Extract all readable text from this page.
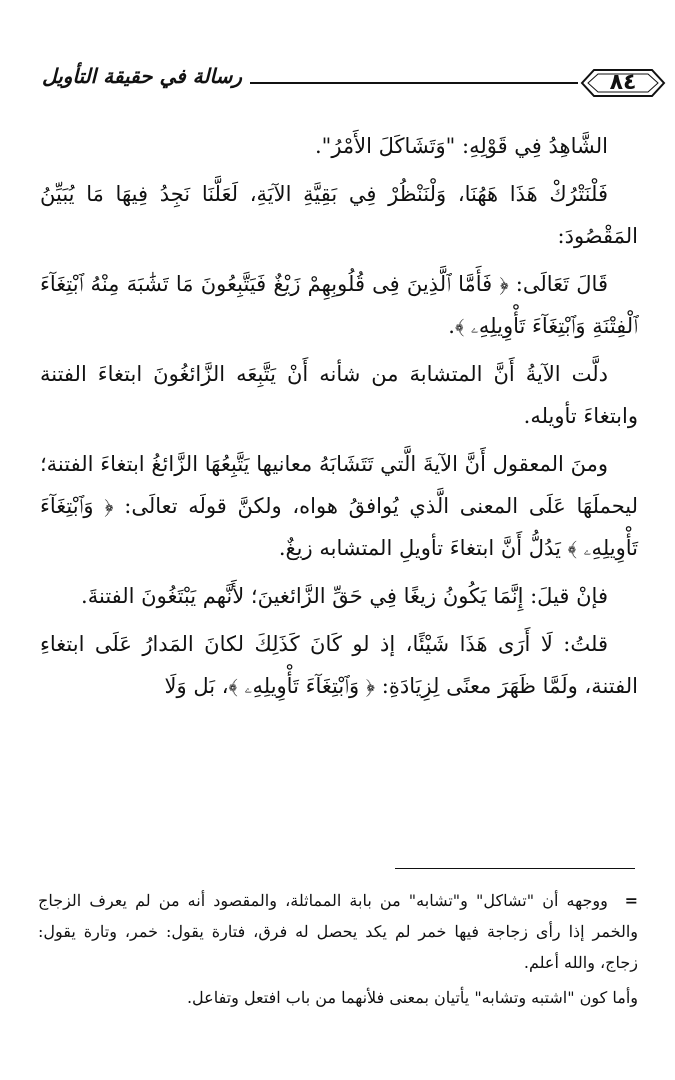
رسالة في حقيقة التأويل	٨٤

الشَّاهِدُ فِي قَوْلِهِ: "وَتَشَاكَلَ الأَمْرُ".

فَلْنَتْرُكْ هَذَا هَهُنَا، وَلْنَنْظُرْ فِي بَقِيَّةِ الآيَةِ، لَعَلَّنَا نَجِدُ فِيهَا مَا يُبَيِّنُ المَقْصُودَ:

قَالَ تَعَالَى: ﴿ فَأَمَّا ٱلَّذِينَ فِى قُلُوبِهِمْ زَيْغٌ فَيَتَّبِعُونَ مَا تَشَٰبَهَ مِنْهُ ٱبْتِغَآءَ ٱلْفِتْنَةِ وَٱبْتِغَآءَ تَأْوِيلِهِۦ ﴾.

دلَّت الآيةُ أَنَّ المتشابهَ من شأنه أَنْ يَتَّبِعَه الزَّائغُونَ ابتغاءَ الفتنة وابتغاءَ تأويله.

ومنَ المعقول أَنَّ الآيةَ الَّتي تَتَشَابَهُ معانيها يَتَّبِعُهَا الزَّائغُ ابتغاءَ الفتنة؛ ليحملَهَا عَلَى المعنى الَّذي يُوافقُ هواه، ولكنَّ قولَه تعالَى: ﴿ وَٱبْتِغَآءَ تَأْوِيلِهِۦ ﴾ يَدُلُّ أَنَّ ابتغاءَ تأويلِ المتشابه زيغٌ.

فإنْ قيلَ: إِنَّمَا يَكُونُ زيغًا فِي حَقِّ الزَّائغينَ؛ لأَنَّهم يَبْتَغُونَ الفتنةَ.

قلتُ: لَا أَرَى هَذَا شَيْئًا، إذ لو كَانَ كَذَلِكَ لكانَ المَدارُ عَلَى ابتغاءِ الفتنة، ولَمَّا ظَهَرَ معنًى لِزِيَادَةِ: ﴿ وَٱبْتِغَآءَ تَأْوِيلِهِۦ ﴾، بَل وَلَا

= ووجهه أن "تشاكل" و"تشابه" من بابة المماثلة، والمقصود أنه من لم يعرف الزجاج والخمر إذا رأى زجاجة فيها خمر لم يكد يحصل له فرق، فتارة يقول: خمر، وتارة يقول: زجاج، والله أعلم.

وأما كون "اشتبه وتشابه" يأتيان بمعنى فلأنهما من باب افتعل وتفاعل.
